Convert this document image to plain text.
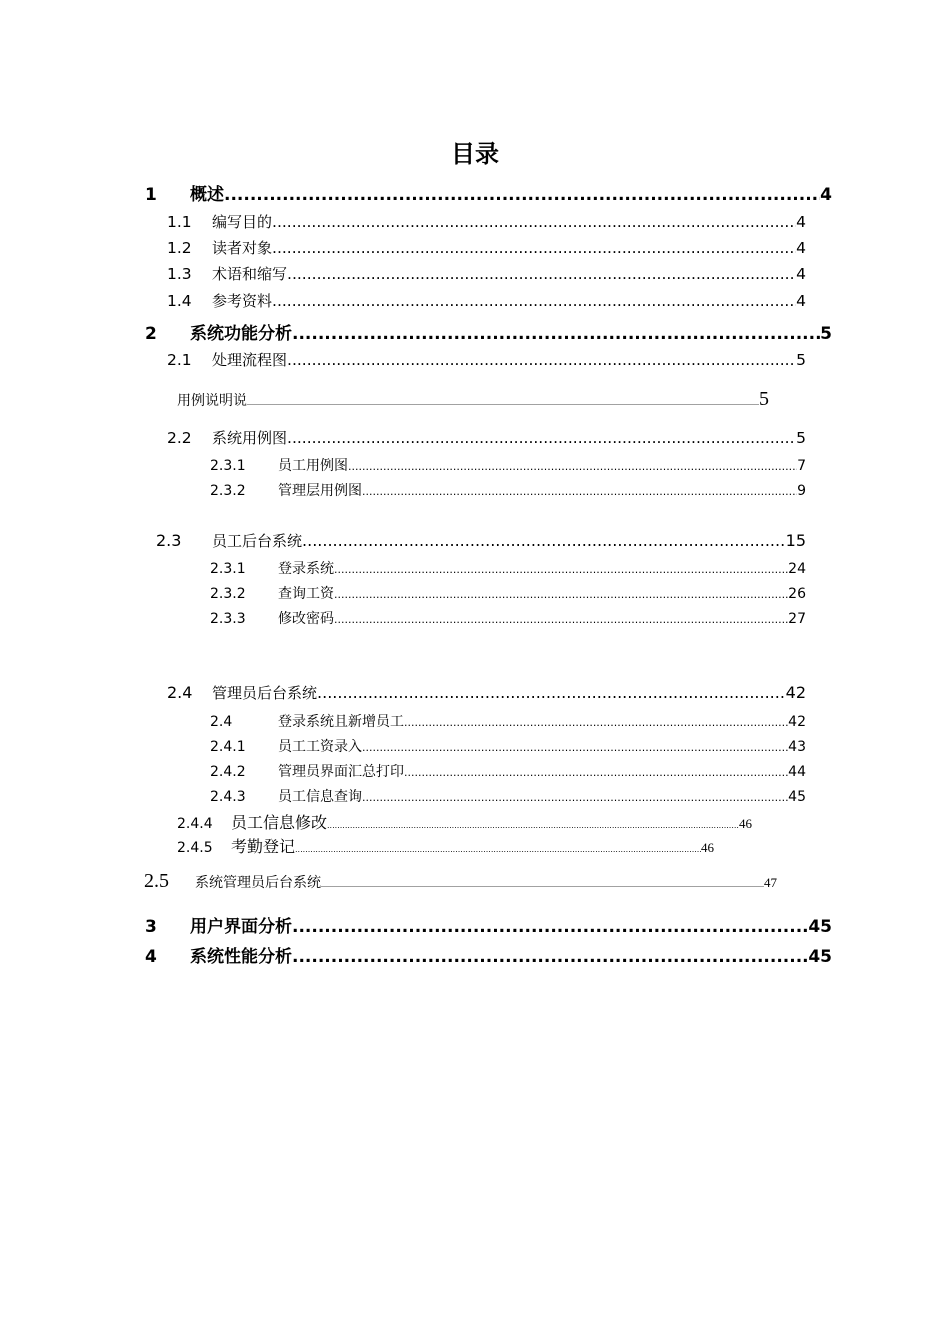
目录
1	概述 .....	4
1.1	编写目的 .....	4
1.2	读者对象 .....	4
1.3	术语和缩写 .....	4
1.4	参考资料 .....	4
2	系统功能分析 .....	5
2.1	处理流程图 .....	5
用例说明说 .....	5
2.2	系统用例图 .....	5
2.3.1	员工用例图 .....	7
2.3.2	管理层用例图 .....	9
2.3	员工后台系统 .....	15
2.3.1	登录系统 .....	24
2.3.2	查询工资 .....	26
2.3.3	修改密码 .....	27
2.4	管理员后台系统 .....	42
2.4	登录系统且新增员工 .....	42
2.4.1	员工工资录入 .....	43
2.4.2	管理员界面汇总打印 .....	44
2.4.3	员工信息查询 .....	45
2.4.4	员工信息修改 .....	46
2.4.5	考勤登记 .....	46
2.5	系统管理员后台系统 .....	47
3	用户界面分析 .....	45
4	系统性能分析 .....	45
